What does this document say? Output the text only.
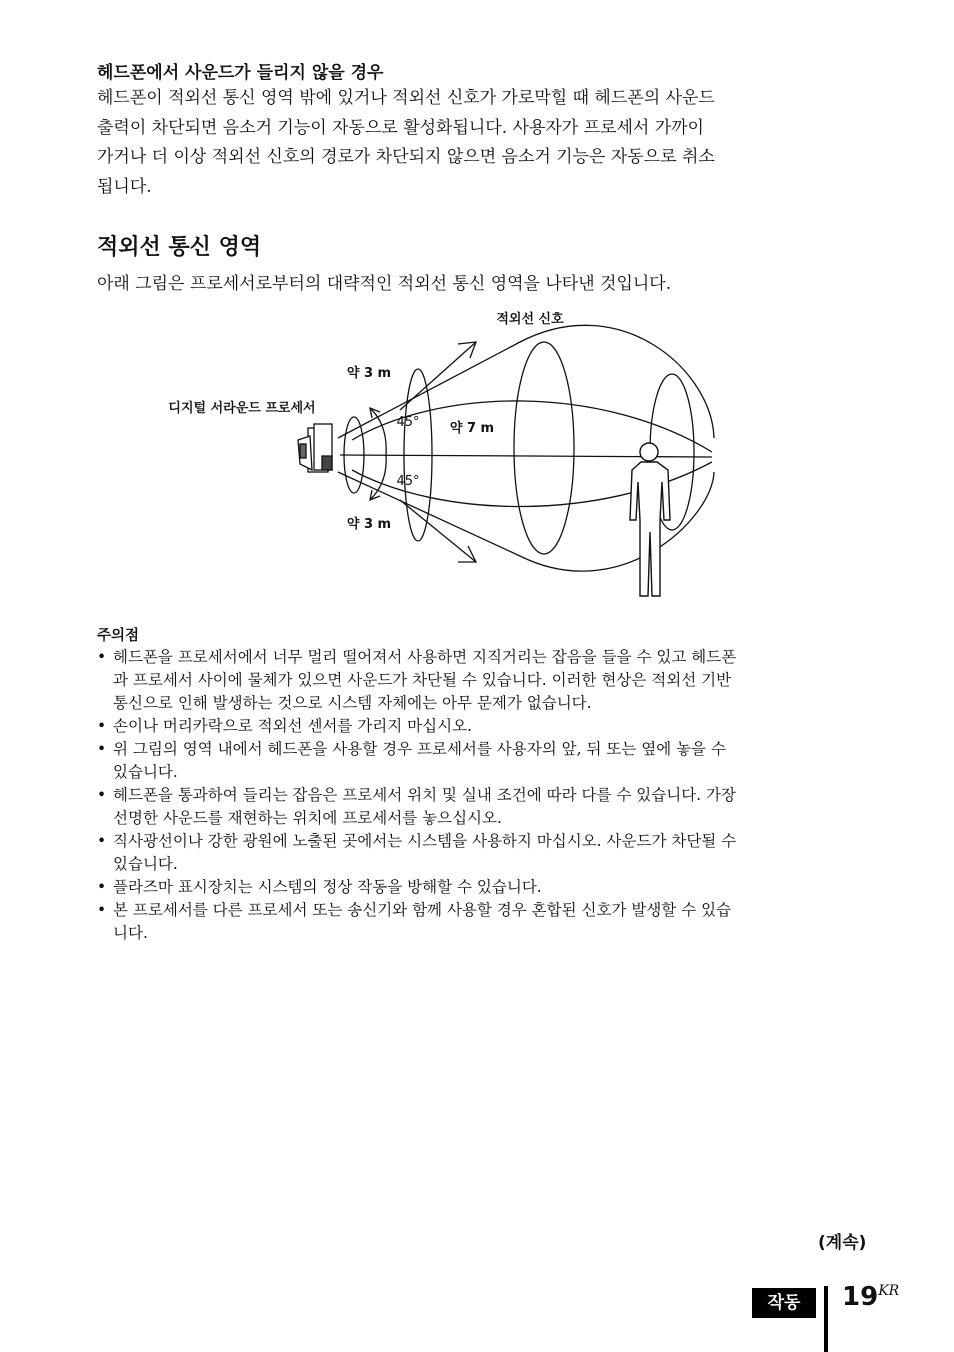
헤드폰에서 사운드가 들리지 않을 경우
헤드폰이 적외선 통신 영역 밖에 있거나 적외선 신호가 가로막힐 때 헤드폰의 사운드
출력이 차단되면 음소거 기능이 자동으로 활성화됩니다. 사용자가 프로세서 가까이
가거나 더 이상 적외선 신호의 경로가 차단되지 않으면 음소거 기능은 자동으로 취소
됩니다.
적외선 통신 영역
아래 그림은 프로세서로부터의 대략적인 적외선 통신 영역을 나타낸 것입니다.
적외선 신호
디지털 서라운드 프로세서
약 3 m
약 3 m
약 7 m
45°
45°
주의점
• 헤드폰을 프로세서에서 너무 멀리 떨어져서 사용하면 지직거리는 잡음을 들을 수 있고 헤드폰
과 프로세서 사이에 물체가 있으면 사운드가 차단될 수 있습니다. 이러한 현상은 적외선 기반
통신으로 인해 발생하는 것으로 시스템 자체에는 아무 문제가 없습니다.
• 손이나 머리카락으로 적외선 센서를 가리지 마십시오.
• 위 그림의 영역 내에서 헤드폰을 사용할 경우 프로세서를 사용자의 앞, 뒤 또는 옆에 놓을 수
있습니다.
• 헤드폰을 통과하여 들리는 잡음은 프로세서 위치 및 실내 조건에 따라 다를 수 있습니다. 가장
선명한 사운드를 재현하는 위치에 프로세서를 놓으십시오.
• 직사광선이나 강한 광원에 노출된 곳에서는 시스템을 사용하지 마십시오. 사운드가 차단될 수
있습니다.
• 플라즈마 표시장치는 시스템의 정상 작동을 방해할 수 있습니다.
• 본 프로세서를 다른 프로세서 또는 송신기와 함께 사용할 경우 혼합된 신호가 발생할 수 있습
니다.
(계속)
작동	$19^{KR}$
